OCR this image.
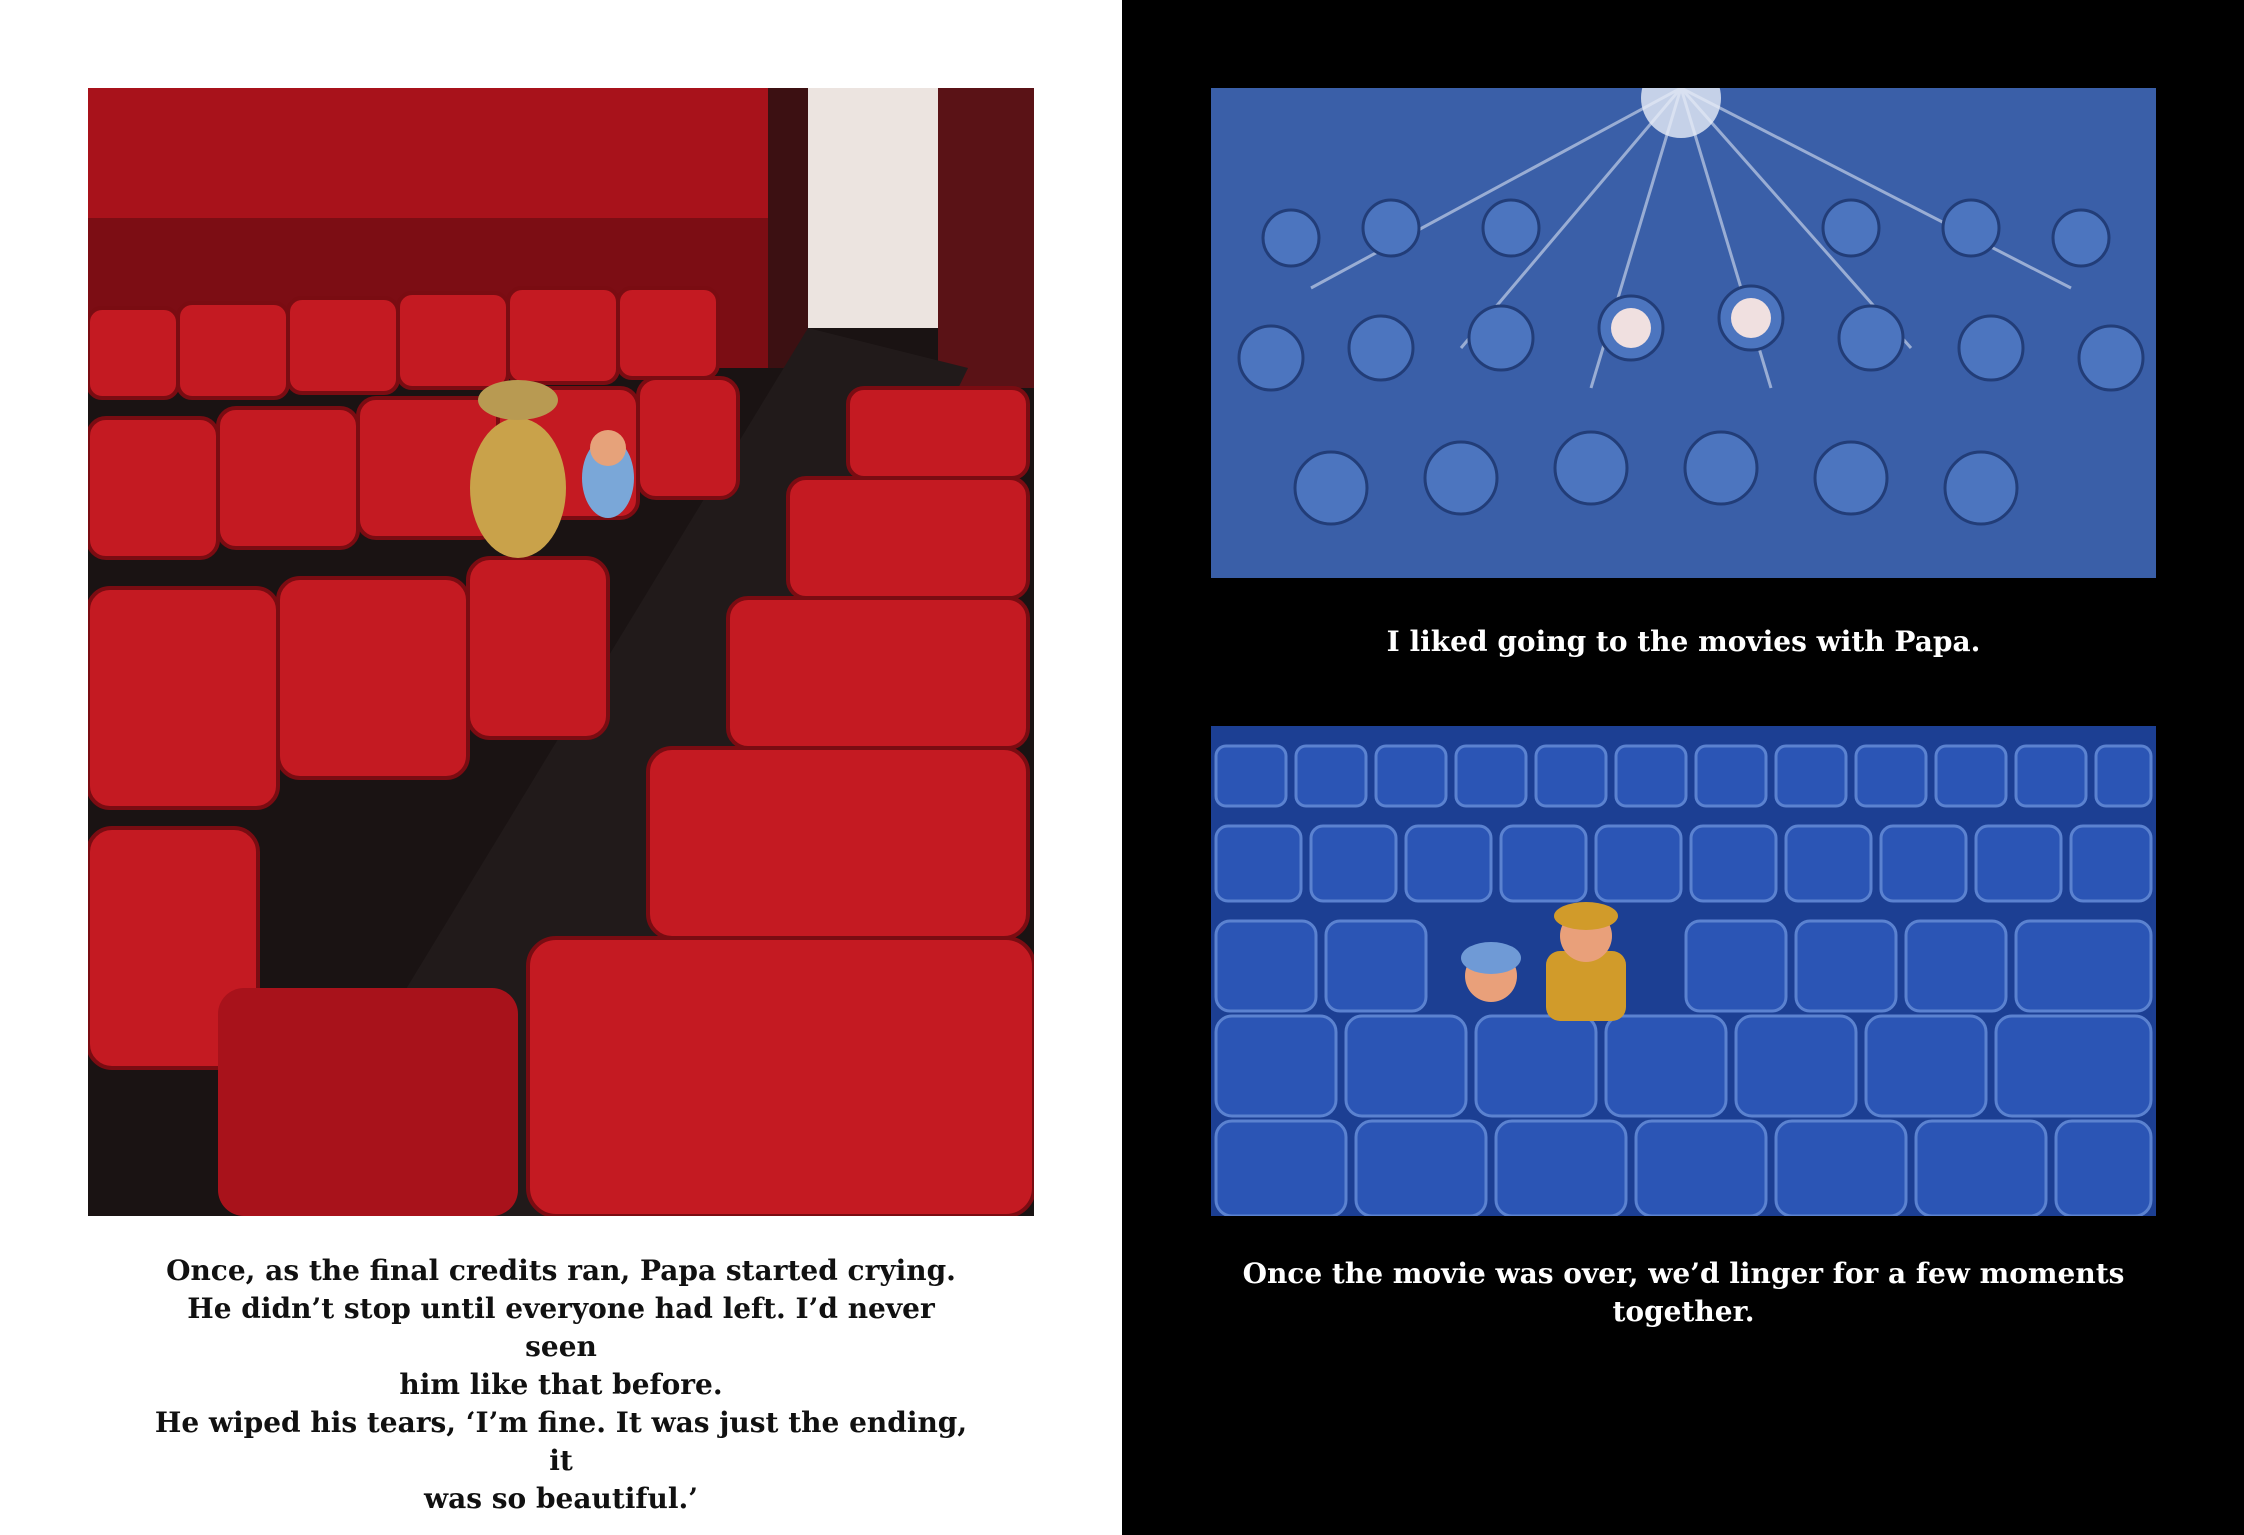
Once, as the final credits ran, Papa started crying.
He didn’t stop until everyone had left. I’d never seen
him like that before.
He wiped his tears, ‘I’m fine. It was just the ending, it
was so beautiful.’

I liked going to the movies with Papa.

Once the movie was over, we’d linger for a few moments
together.
